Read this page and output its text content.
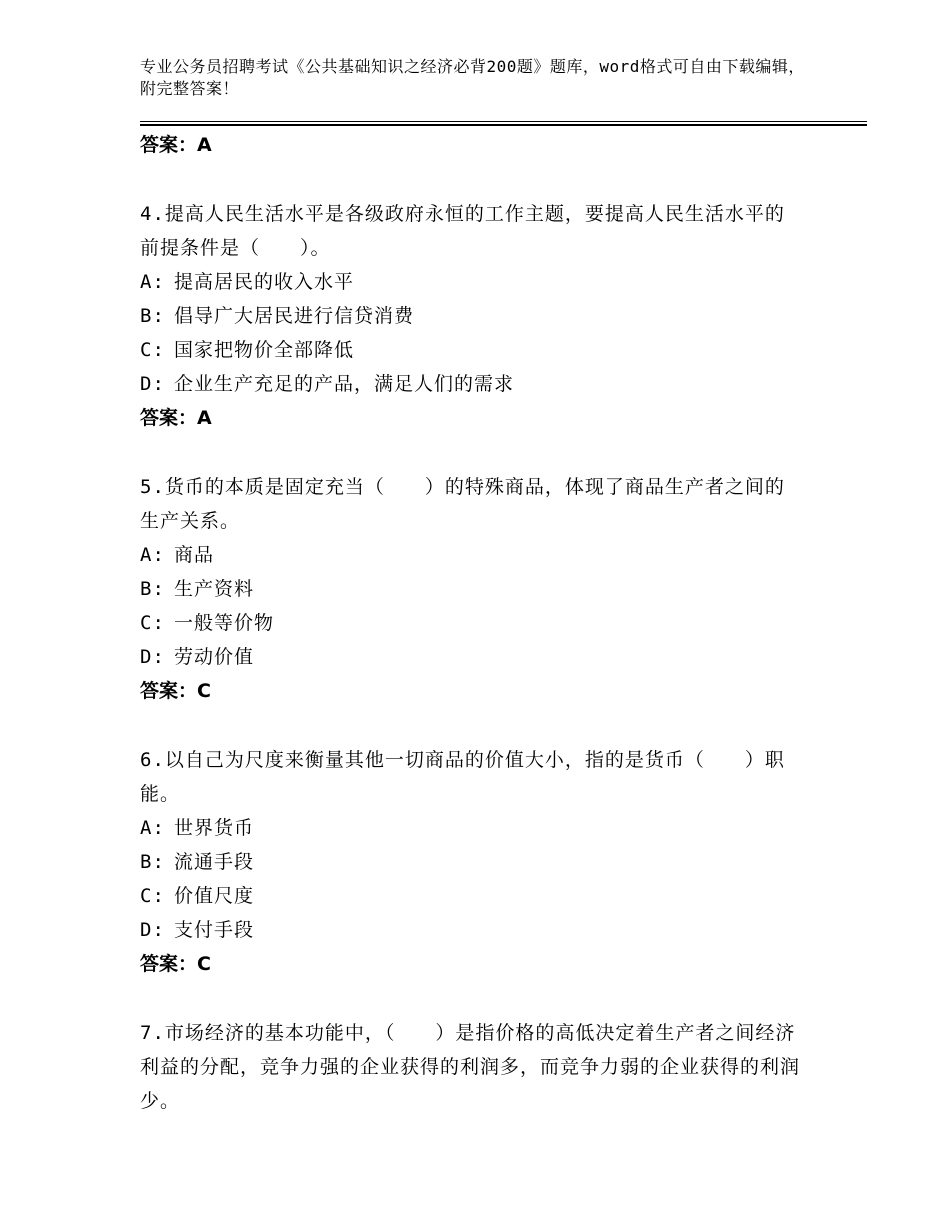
专业公务员招聘考试《公共基础知识之经济必背200题》题库，word格式可自由下载编辑，附完整答案！
答案：A
4.提高人民生活水平是各级政府永恒的工作主题，要提高人民生活水平的前提条件是（　　）。
A: 提高居民的收入水平
B: 倡导广大居民进行信贷消费
C: 国家把物价全部降低
D: 企业生产充足的产品，满足人们的需求
答案：A
5.货币的本质是固定充当（　　）的特殊商品，体现了商品生产者之间的生产关系。
A: 商品
B: 生产资料
C: 一般等价物
D: 劳动价值
答案：C
6.以自己为尺度来衡量其他一切商品的价值大小，指的是货币（　　）职能。
A: 世界货币
B: 流通手段
C: 价值尺度
D: 支付手段
答案：C
7.市场经济的基本功能中，（　　）是指价格的高低决定着生产者之间经济利益的分配，竞争力强的企业获得的利润多，而竞争力弱的企业获得的利润少。
